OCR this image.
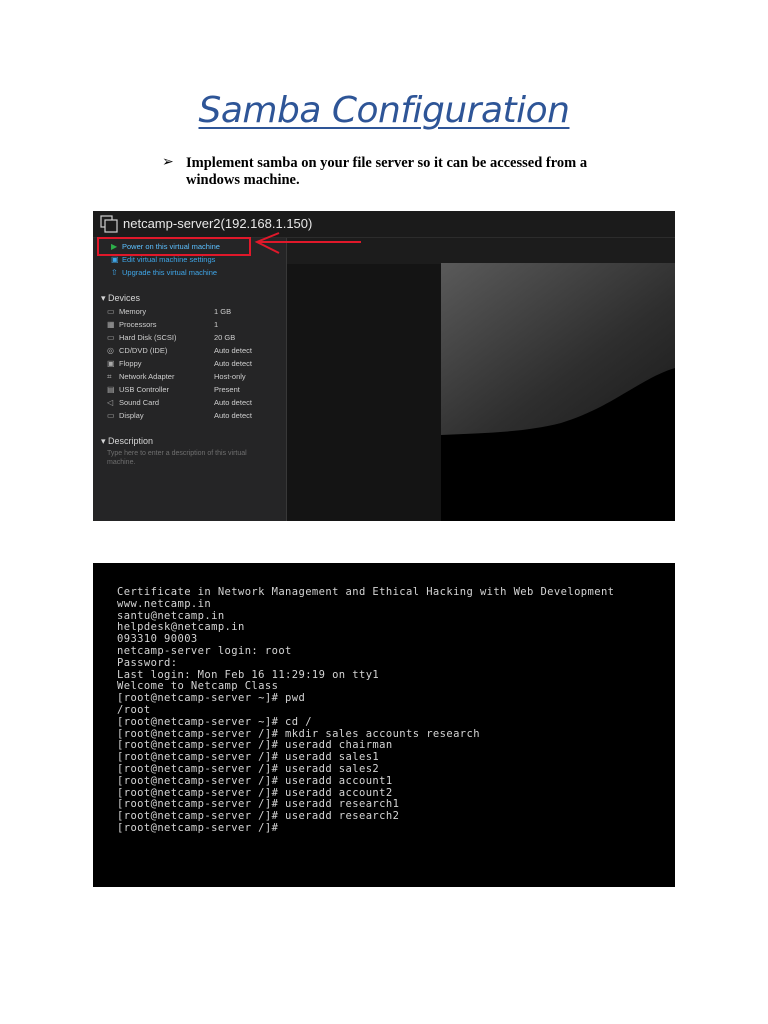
Samba Configuration
➢ Implement samba on your file server so it can be accessed from a windows machine.
netcamp-server2(192.168.1.150)
▶ Power on this virtual machine
▣ Edit virtual machine settings
⇧ Upgrade this virtual machine
▾ Devices
▭ Memory	1 GB
▦ Processors	1
▭ Hard Disk (SCSI)	20 GB
◎ CD/DVD (IDE)	Auto detect
▣ Floppy	Auto detect
⌗ Network Adapter	Host-only
▤ USB Controller	Present
◁ Sound Card	Auto detect
▭ Display	Auto detect
▾ Description
Type here to enter a description of this virtual machine.
Certificate in Network Management and Ethical Hacking with Web Development
www.netcamp.in
santu@netcamp.in
helpdesk@netcamp.in
093310 90003
netcamp-server login: root
Password:
Last login: Mon Feb 16 11:29:19 on tty1
Welcome to Netcamp Class
[root@netcamp-server ~]# pwd
/root
[root@netcamp-server ~]# cd /
[root@netcamp-server /]# mkdir sales accounts research
[root@netcamp-server /]# useradd chairman
[root@netcamp-server /]# useradd sales1
[root@netcamp-server /]# useradd sales2
[root@netcamp-server /]# useradd account1
[root@netcamp-server /]# useradd account2
[root@netcamp-server /]# useradd research1
[root@netcamp-server /]# useradd research2
[root@netcamp-server /]#
